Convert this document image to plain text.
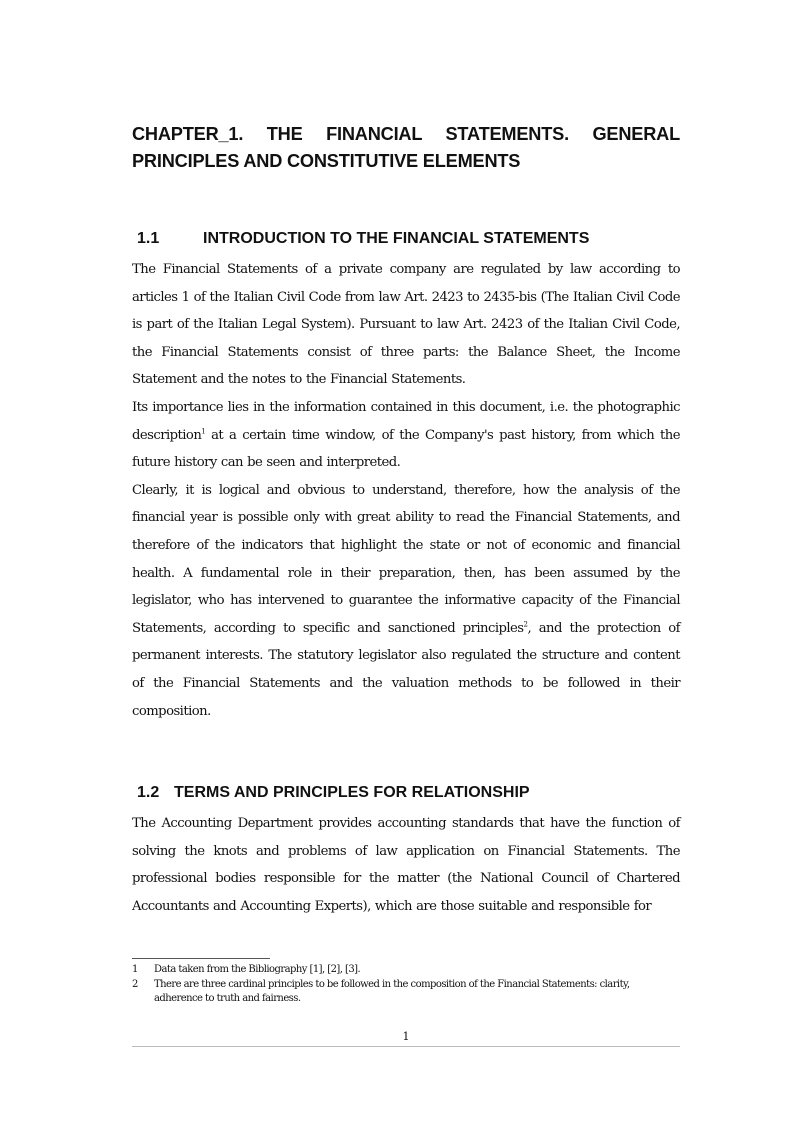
CHAPTER_1. THE FINANCIAL STATEMENTS. GENERAL PRINCIPLES AND CONSTITUTIVE ELEMENTS
1.1	INTRODUCTION TO THE FINANCIAL STATEMENTS

The Financial Statements of a private company are regulated by law according to articles 1 of the Italian Civil Code from law Art. 2423 to 2435-bis (The Italian Civil Code is part of the Italian Legal System). Pursuant to law Art. 2423 of the Italian Civil Code, the Financial Statements consist of three parts: the Balance Sheet, the Income Statement and the notes to the Financial Statements.

Its importance lies in the information contained in this document, i.e. the photographic description$^1$ at a certain time window, of the Company's past history, from which the future history can be seen and interpreted.

Clearly, it is logical and obvious to understand, therefore, how the analysis of the financial year is possible only with great ability to read the Financial Statements, and therefore of the indicators that highlight the state or not of economic and financial health. A fundamental role in their preparation, then, has been assumed by the legislator, who has intervened to guarantee the informative capacity of the Financial Statements, according to specific and sanctioned principles$^2$, and the protection of permanent interests. The statutory legislator also regulated the structure and content of the Financial Statements and the valuation methods to be followed in their composition.

1.2 TERMS AND PRINCIPLES FOR RELATIONSHIP

The Accounting Department provides accounting standards that have the function of solving the knots and problems of law application on Financial Statements. The professional bodies responsible for the matter (the National Council of Chartered Accountants and Accounting Experts), which are those suitable and responsible for

1	Data taken from the Bibliography [1], [2], [3].
2	There are three cardinal principles to be followed in the composition of the Financial Statements: clarity, adherence to truth and fairness.
1
